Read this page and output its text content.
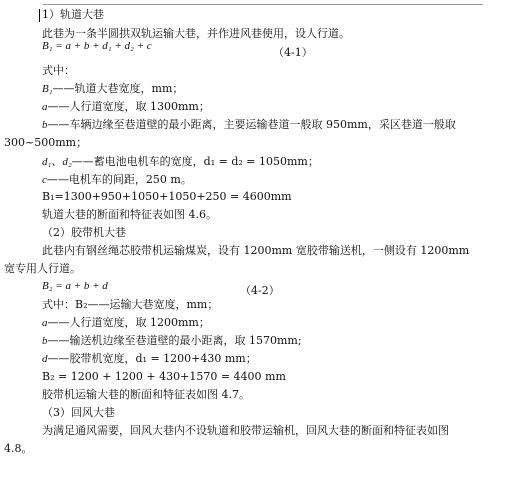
1）轨道大巷
此巷为一条半圆拱双轨运输大巷，并作进风巷使用，设人行道。
B₁ = a + b + d₁ + d₂ + c	（4-1）
式中：
B₁——轨道大巷宽度，mm；
a——人行道宽度，取 1300mm；
b——车辆边缘至巷道壁的最小距离，主要运输巷道一般取 950mm，采区巷道一般取
300~500mm；
d₁、d₂——蓄电池电机车的宽度，d₁ = d₂ = 1050mm；
c——电机车的间距，250 m。
B₁=1300+950+1050+1050+250 = 4600mm
轨道大巷的断面和特征表如图 4.6。
（2）胶带机大巷
此巷内有钢丝绳芯胶带机运输煤炭，设有 1200mm 宽胶带输送机，一侧设有 1200mm
宽专用人行道。
B₂ = a + b + d	（4-2）
式中：B₂——运输大巷宽度，mm；
a——人行道宽度，取 1200mm；
b——输送机边缘至巷道壁的最小距离，取 1570mm;
d——胶带机宽度，d₁ = 1200+430 mm；
B₂ = 1200 + 1200 + 430+1570 = 4400 mm
胶带机运输大巷的断面和特征表如图 4.7。
（3）回风大巷
为满足通风需要，回风大巷内不设轨道和胶带运输机，回风大巷的断面和特征表如图
4.8。
